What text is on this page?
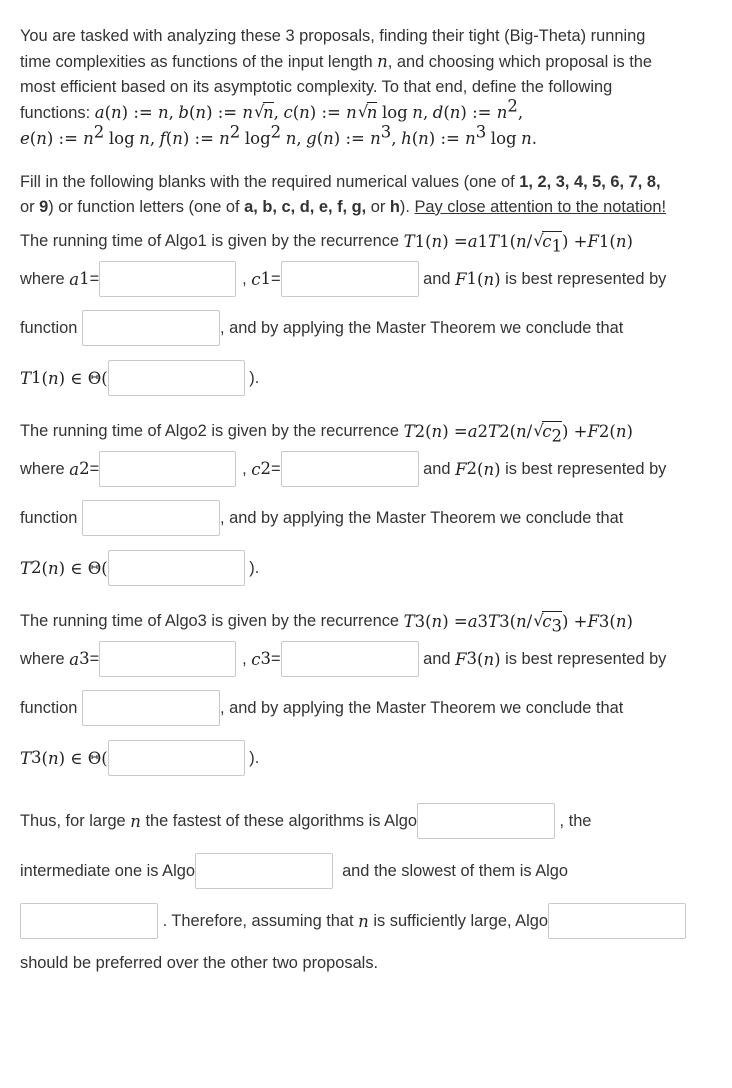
You are tasked with analyzing these 3 proposals, finding their tight (Big-Theta) running
time complexities as functions of the input length n, and choosing which proposal is the
most efficient based on its asymptotic complexity. To that end, define the following
functions: a(n) := n, b(n) := n √ n, c(n) := n √ n log n, d(n) := $n^2$,
e(n) := $n^2$ log n, f(n) := $n^2$ $\log^2 n$, g(n) := $n^3$, h(n) := $n^3$ log n.

Fill in the following blanks with the required numerical values (one of 1, 2, 3, 4, 5, 6, 7, 8,
or 9) or function letters (one of a, b, c, d, e, f, g, or h). Pay close attention to the notation!

The running time of Algo1 is given by the recurrence
T 1 ( n ) = a 1 T 1 ( n / √ $c_1$ ) + F 1 ( n )
where
a 1 =	,
c 1 =
	and
F 1 ( n )
is best represented by
function
	, and by applying the Master Theorem we conclude that
T 1 ( n ) ∈ Θ(
	).
The running time of Algo2 is given by the recurrence
T 2 ( n ) = a 2 T 2 ( n / √ $c_2$ ) + F 2 ( n )
where
a 2 =	,
c 2 =
	and
F 2 ( n )
is best represented by
function
	, and by applying the Master Theorem we conclude that
T 2 ( n ) ∈ Θ(
	).
The running time of Algo3 is given by the recurrence
T 3 ( n ) = a 3 T 3 ( n / √ $c_3$ ) + F 3 ( n )
where
a 3 =	,
c 3 =
	and
F 3 ( n )
is best represented by
function
	, and by applying the Master Theorem we conclude that
T 3 ( n ) ∈ Θ(
	).
Thus, for large
n
the fastest of these algorithms is Algo
	, the
intermediate one is Algo
	and the slowest of them is Algo

. Therefore, assuming that
n
is sufficiently large, Algo
should be preferred over the other two proposals.
